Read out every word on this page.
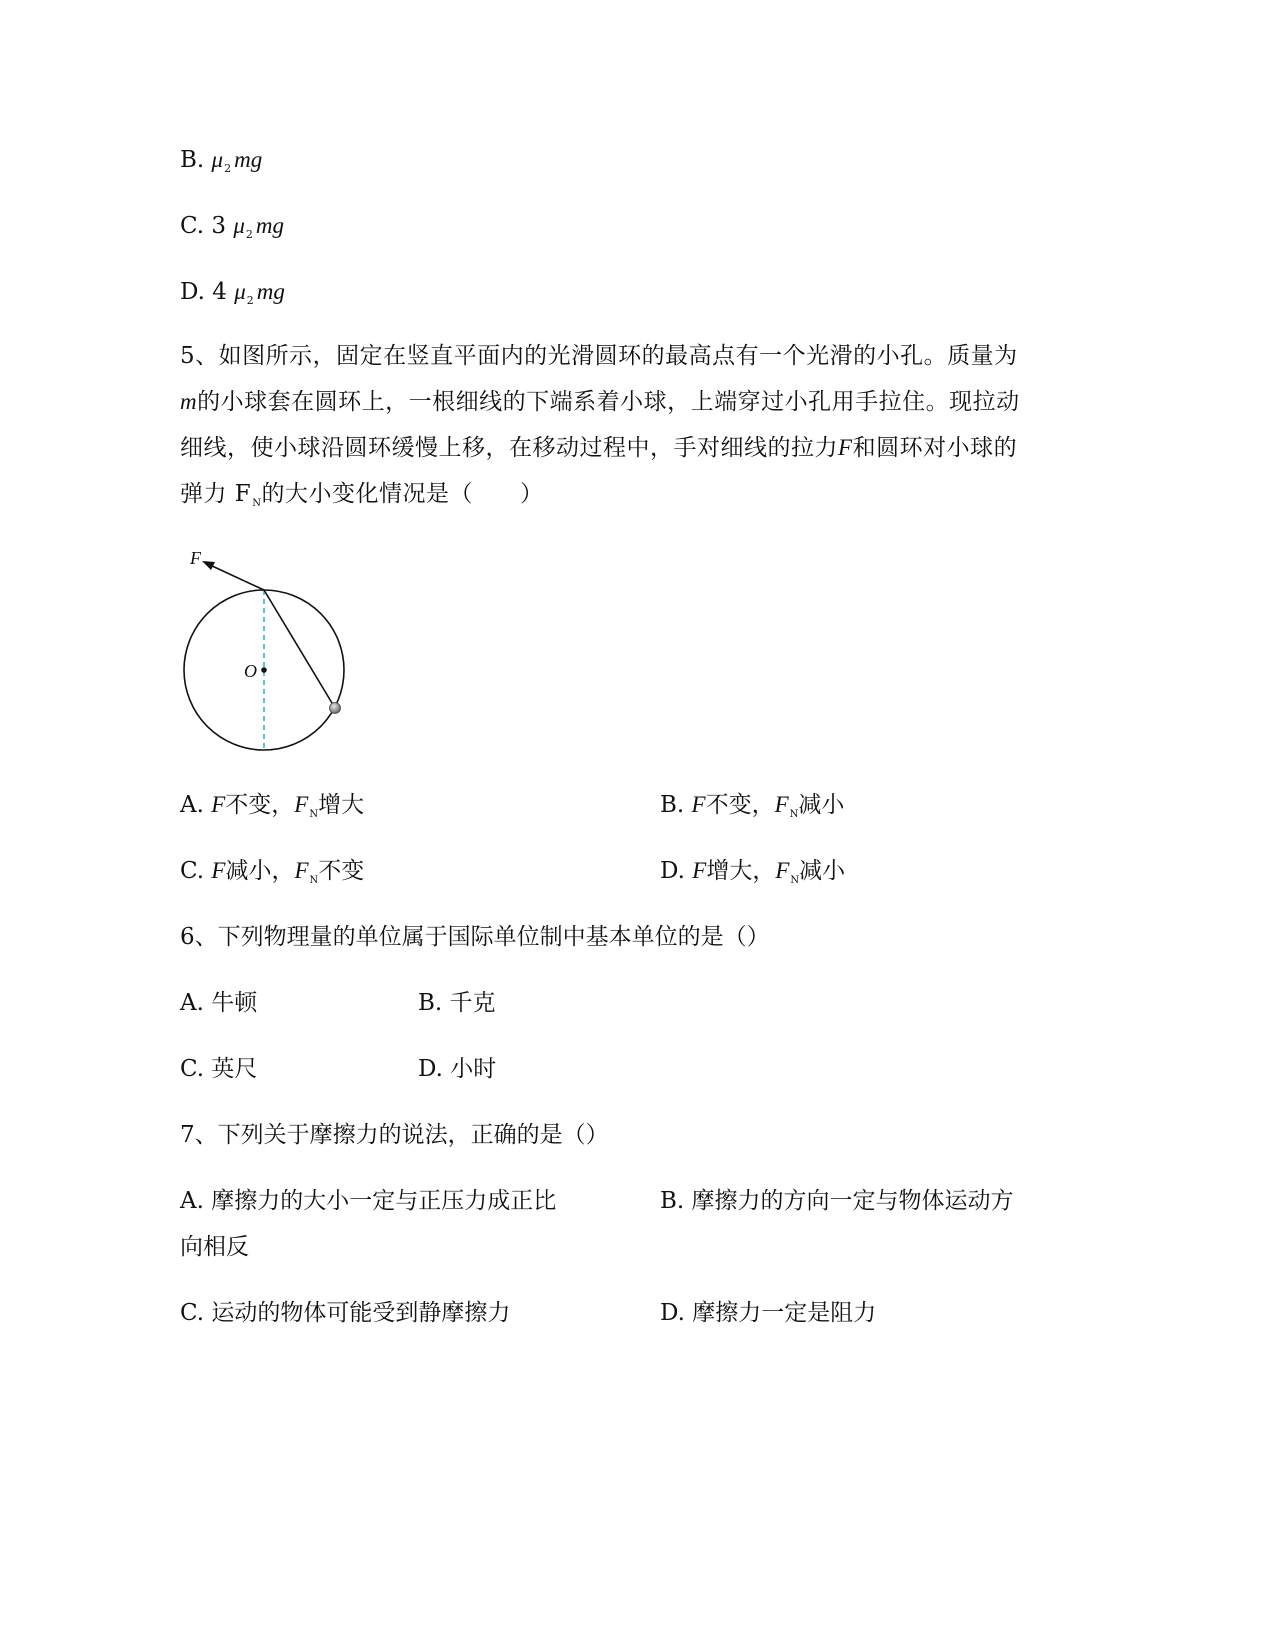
B. $\mu_2$ mg
C. 3 $\mu_2$ mg
D. 4 $\mu_2$ mg
5、如图所示，固定在竖直平面内的光滑圆环的最高点有一个光滑的小孔。质量为
m的小球套在圆环上，一根细线的下端系着小球，上端穿过小孔用手拉住。现拉动
细线，使小球沿圆环缓慢上移，在移动过程中，手对细线的拉力F和圆环对小球的
弹力 $F_N$的大小变化情况是（　　）
F
O
A. F不变，$F_N$增大	B. F不变，$F_N$减小
C. F减小，$F_N$不变	D. F增大，$F_N$减小
6、下列物理量的单位属于国际单位制中基本单位的是（）
A. 牛顿	B. 千克
C. 英尺	D. 小时
7、下列关于摩擦力的说法，正确的是（）
A. 摩擦力的大小一定与正压力成正比	B. 摩擦力的方向一定与物体运动方
向相反
C. 运动的物体可能受到静摩擦力	D. 摩擦力一定是阻力
